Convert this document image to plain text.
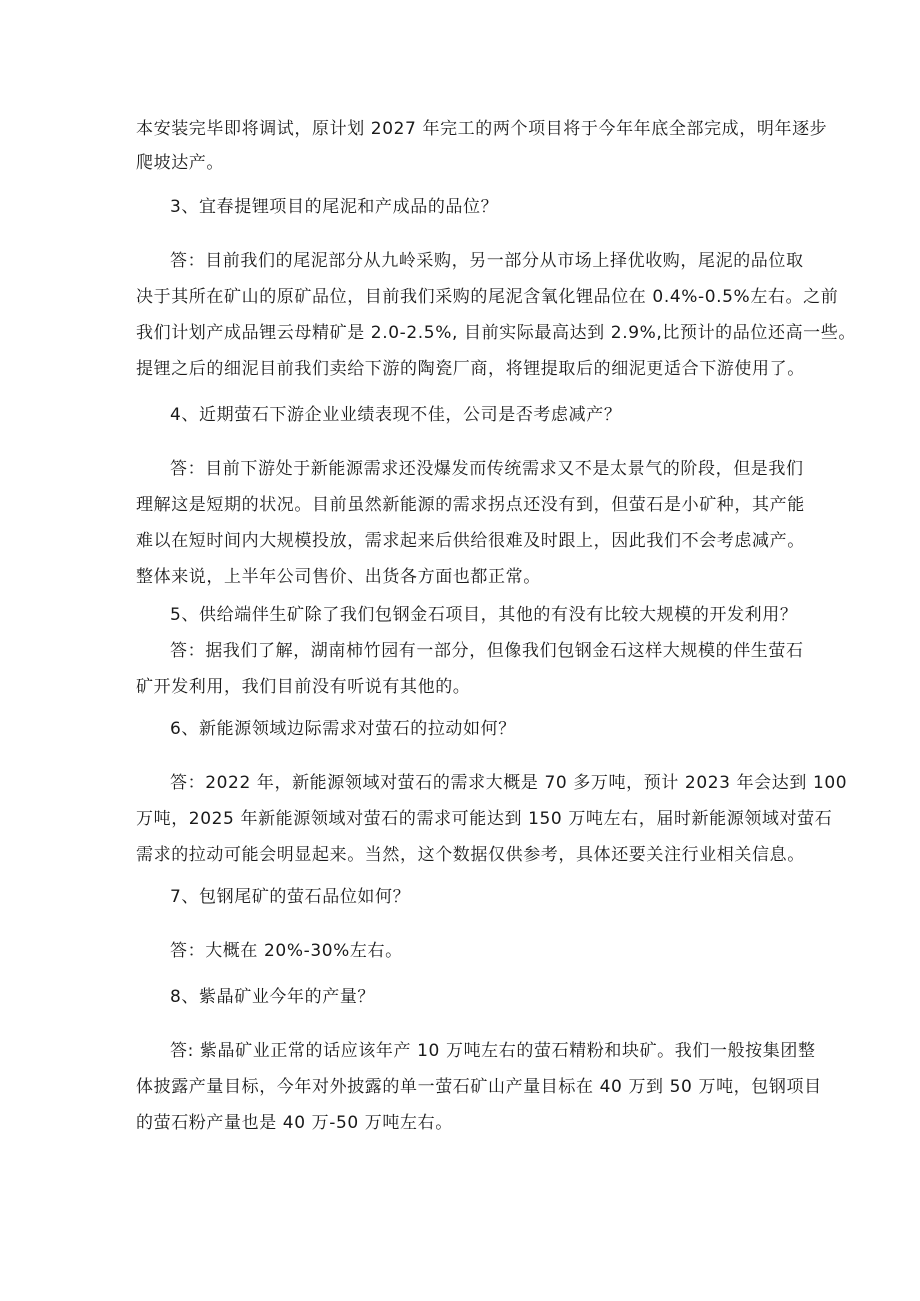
本安装完毕即将调试，原计划 2027 年完工的两个项目将于今年年底全部完成，明年逐步
爬坡达产。
3、宜春提锂项目的尾泥和产成品的品位？
答：目前我们的尾泥部分从九岭采购，另一部分从市场上择优收购，尾泥的品位取
决于其所在矿山的原矿品位，目前我们采购的尾泥含氧化锂品位在 0.4%-0.5%左右。之前
我们计划产成品锂云母精矿是 2.0-2.5%, 目前实际最高达到 2.9%,比预计的品位还高一些。
提锂之后的细泥目前我们卖给下游的陶瓷厂商，将锂提取后的细泥更适合下游使用了。
4、近期萤石下游企业业绩表现不佳，公司是否考虑减产？
答：目前下游处于新能源需求还没爆发而传统需求又不是太景气的阶段，但是我们
理解这是短期的状况。目前虽然新能源的需求拐点还没有到，但萤石是小矿种，其产能
难以在短时间内大规模投放，需求起来后供给很难及时跟上，因此我们不会考虑减产。
整体来说，上半年公司售价、出货各方面也都正常。
5、供给端伴生矿除了我们包钢金石项目，其他的有没有比较大规模的开发利用？
答：据我们了解，湖南柿竹园有一部分，但像我们包钢金石这样大规模的伴生萤石
矿开发利用，我们目前没有听说有其他的。
6、新能源领域边际需求对萤石的拉动如何？
答：2022 年，新能源领域对萤石的需求大概是 70 多万吨，预计 2023 年会达到 100
万吨，2025 年新能源领域对萤石的需求可能达到 150 万吨左右，届时新能源领域对萤石
需求的拉动可能会明显起来。当然，这个数据仅供参考，具体还要关注行业相关信息。
7、包钢尾矿的萤石品位如何？
答：大概在 20%-30%左右。
8、紫晶矿业今年的产量？
答: 紫晶矿业正常的话应该年产 10 万吨左右的萤石精粉和块矿。我们一般按集团整
体披露产量目标，今年对外披露的单一萤石矿山产量目标在 40 万到 50 万吨，包钢项目
的萤石粉产量也是 40 万-50 万吨左右。
